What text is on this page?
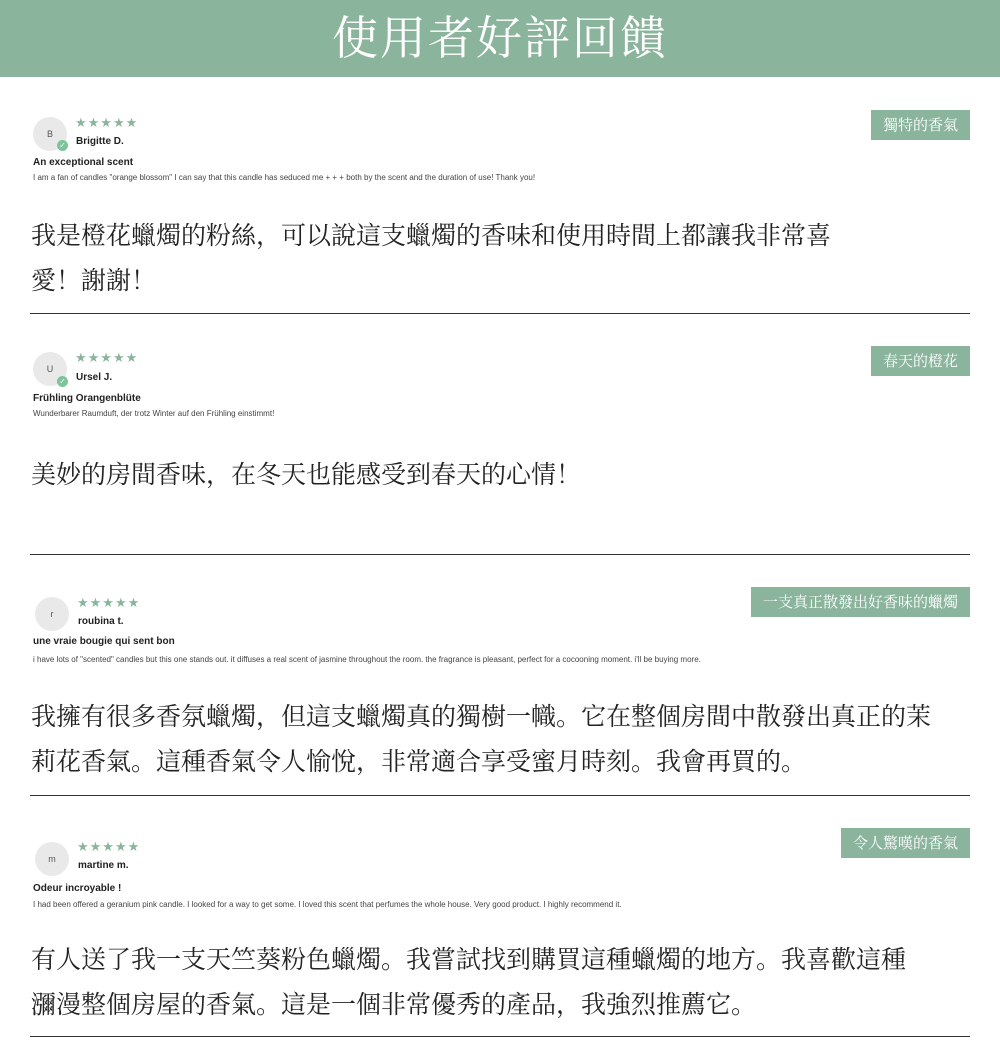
使用者好評回饋
B
✓
★★★★★
Brigitte D.
An exceptional scent
I am a fan of candles "orange blossom" I can say that this candle has seduced me + + + both by the scent and the duration of use! Thank you!
獨特的香氣
我是橙花蠟燭的粉絲，可以說這支蠟燭的香味和使用時間上都讓我非常喜愛！謝謝！
U
✓
★★★★★
Ursel J.
Frühling Orangenblüte
Wunderbarer Raumduft, der trotz Winter auf den Frühling einstimmt!
春天的橙花
美妙的房間香味，在冬天也能感受到春天的心情！
r
★★★★★
roubina t.
une vraie bougie qui sent bon
i have lots of "scented" candles but this one stands out. it diffuses a real scent of jasmine throughout the room. the fragrance is pleasant, perfect for a cocooning moment. i'll be buying more.
一支真正散發出好香味的蠟燭
我擁有很多香氛蠟燭，但這支蠟燭真的獨樹一幟。它在整個房間中散發出真正的茉莉花香氣。這種香氣令人愉悅，非常適合享受蜜月時刻。我會再買的。
m
★★★★★
martine m.
Odeur incroyable !
I had been offered a geranium pink candle. I looked for a way to get some. I loved this scent that perfumes the whole house. Very good product. I highly recommend it.
令人驚嘆的香氣
有人送了我一支天竺葵粉色蠟燭。我嘗試找到購買這種蠟燭的地方。我喜歡這種瀰漫整個房屋的香氣。這是一個非常優秀的產品，我強烈推薦它。
